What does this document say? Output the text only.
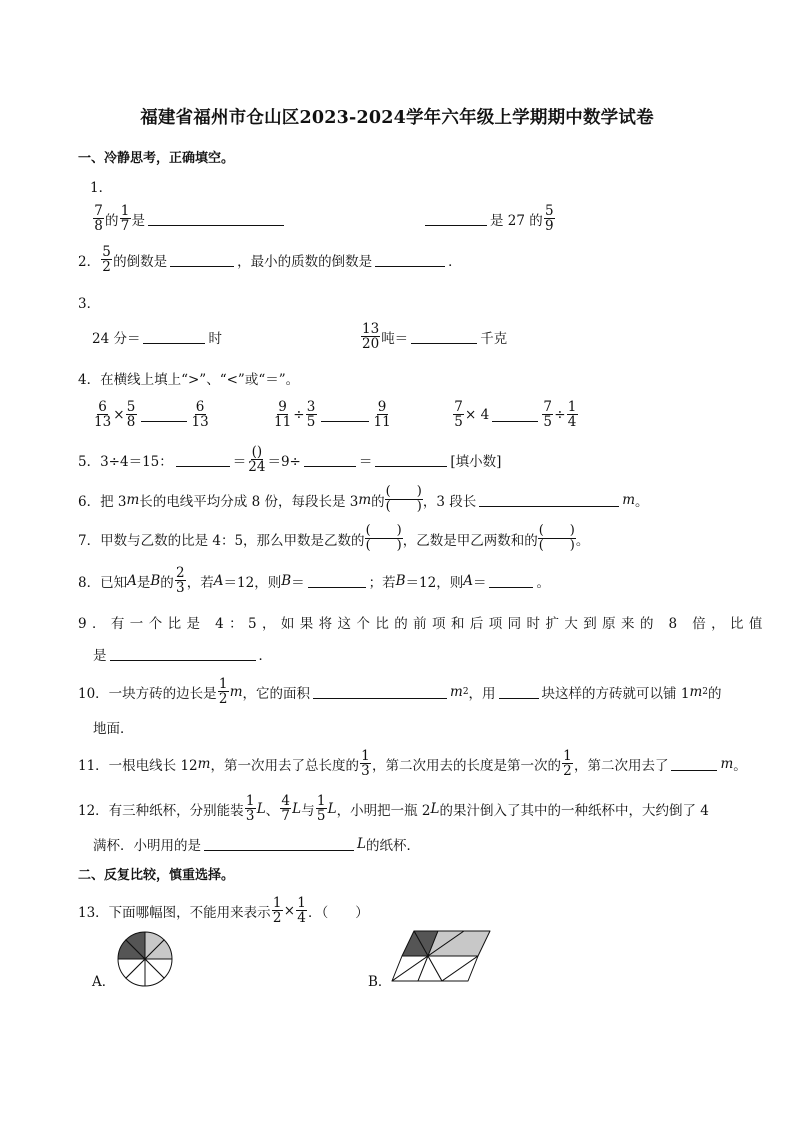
福建省福州市仓山区2023-2024学年六年级上学期期中数学试卷
一、冷静思考，正确填空。
1．
7
8 的
1
7 是	是 27 的
5
9
2．
5
2 的倒数是	，最小的质数的倒数是	．
3．
24 分＝	时
13
20 吨＝	千克
4．在横线上填上“>”、“<”或“＝”。
$\frac{6}{13} \times \frac{5}{8}$	6
13	$\frac{9}{11} \div \frac{3}{5}$	9
11	$\frac{7}{5} \times 4$	$\frac{7}{5} \div \frac{1}{4}$
5．3÷4＝15：	＝
()
24 ＝9÷	＝	[填小数]
6．把 3 m 长的电线平均分成 8 份，每段长是 3 m 的
(　　)
(　　) ，3 段长	m 。
7．甲数与乙数的比是 4：5，那么甲数是乙数的
(　　)
(　　) ，乙数是甲乙两数和的
(　　)
(　　) 。
8．已知 A 是 B 的
2
3 ，若 A ＝12，则 B ＝	；若 B ＝12，则 A ＝	。
9．有一个比是 4：5，如果将这个比的前项和后项同时扩大到原来的 8 倍，比值
是	．
10．一块方砖的边长是
1
2 m ，它的面积	m 2 ，用	块这样的方砖就可以铺 1 m 2 的
地面．
11．一根电线长 12 m ，第一次用去了总长度的
1
3 ，第二次用去的长度是第一次的
1
2 ，第二次用去了	m 。
12．有三种纸杯，分别能装
1
3 L 、
4
7 L 与
1
5 L ，小明把一瓶 2 L 的果汁倒入了其中的一种纸杯中，大约倒了 4
满杯．小明用的是	L 的纸杯．
二、反复比较，慎重选择。
13．下面哪幅图，不能用来表示 $\frac{1}{2} \times \frac{1}{4}$ ．（　　）
A．	B．
